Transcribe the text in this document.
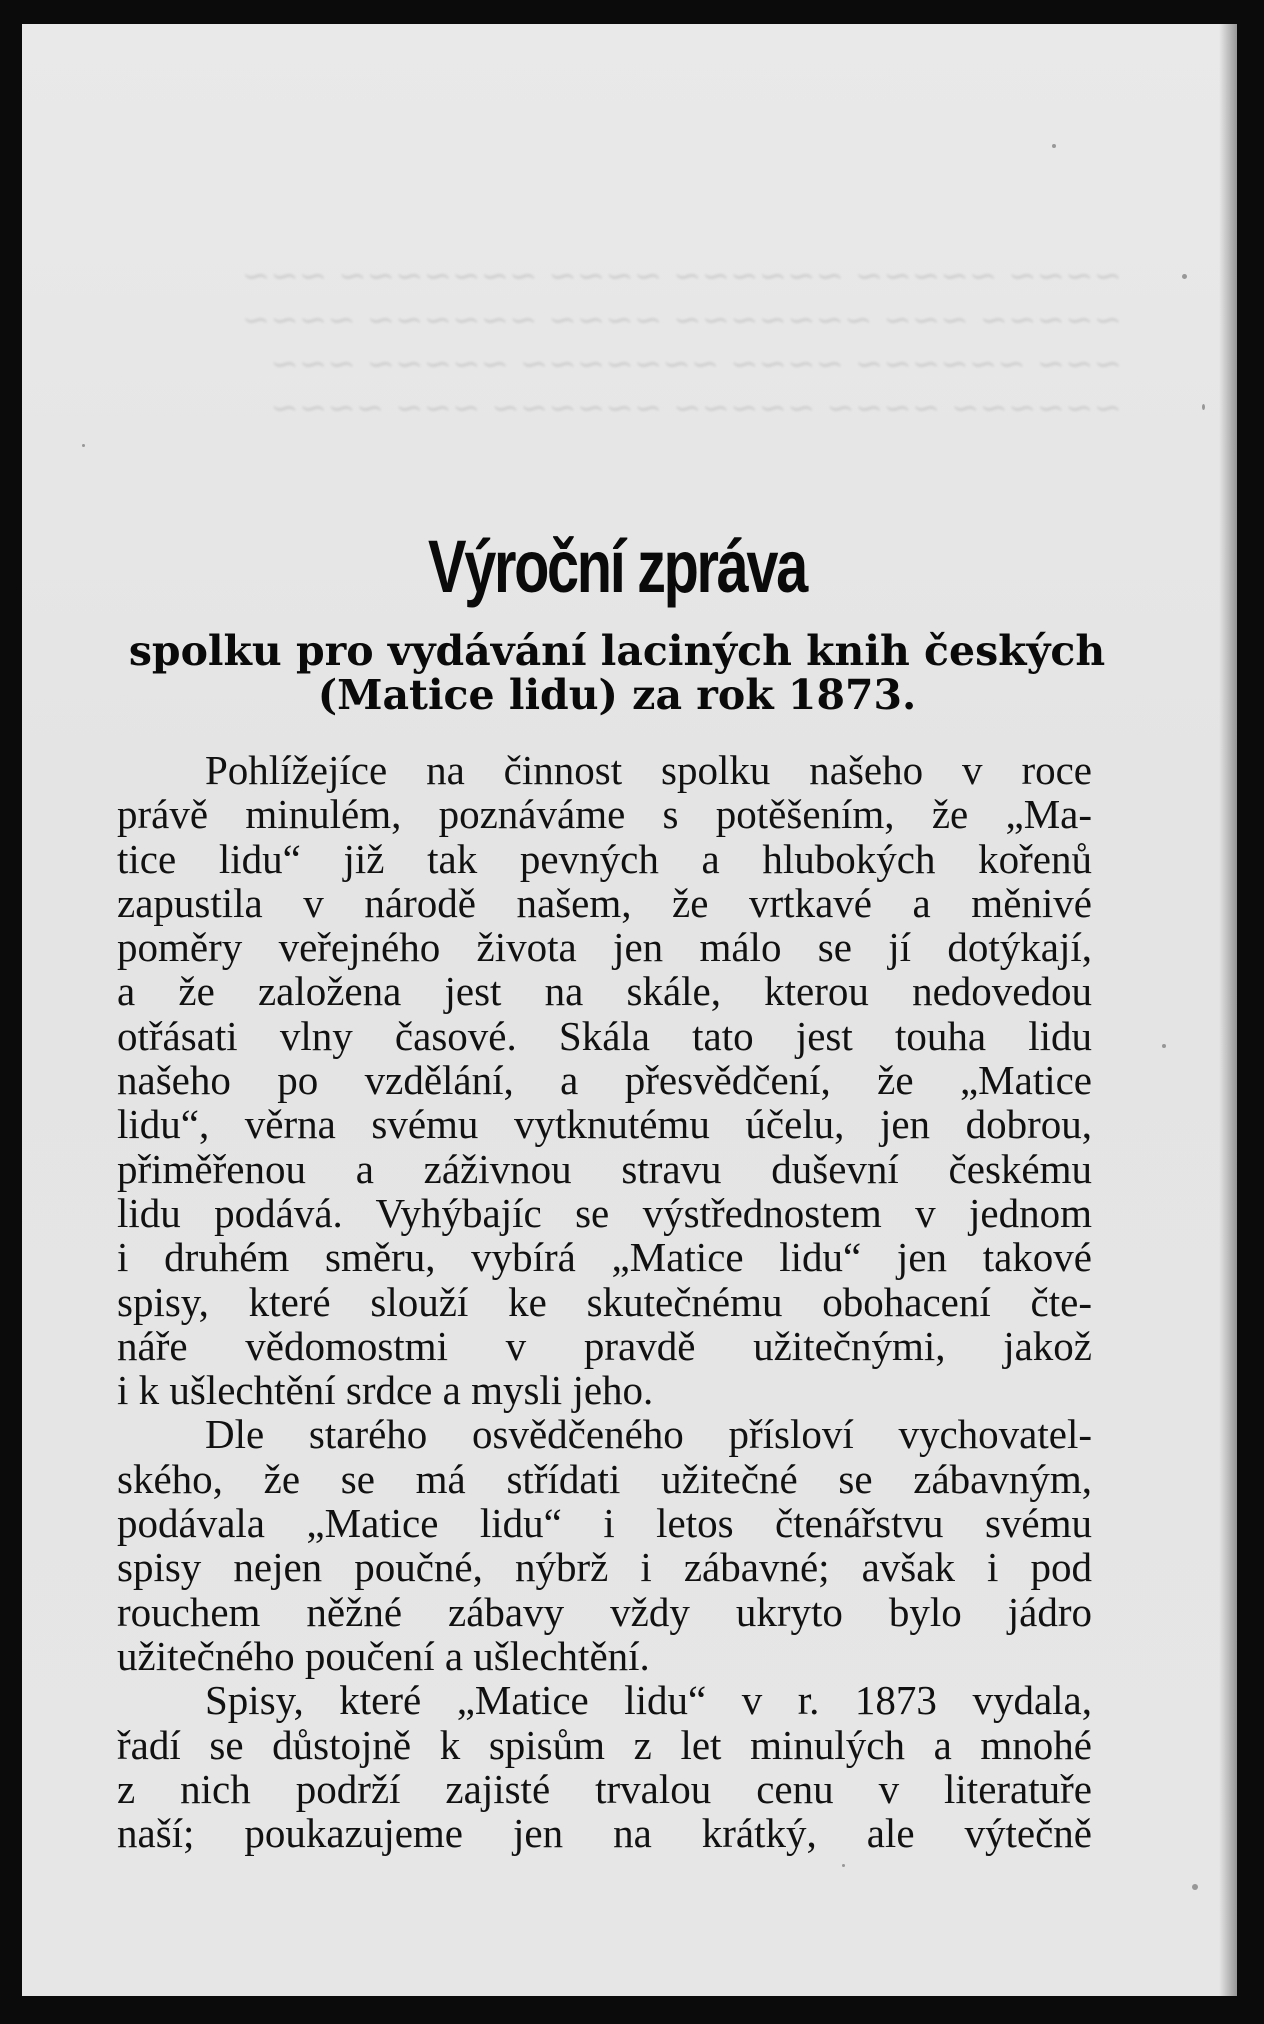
~~~~ ~~~~~ ~~~~~~ ~~~~ ~~~~~~~ ~~~
~~~~~ ~~~ ~~~~~~~ ~~~~ ~~~~~~ ~~~~
~~~ ~~~~~~ ~~~~ ~~~~~~~ ~~~~~ ~~~
~~~~~~ ~~~~ ~~~~~ ~~~~~~ ~~~ ~~~~
Výroční zpráva

spolku pro vydávání laciných knih českých

(Matice lidu) za rok 1873.

Pohlížejíce na činnost spolku našeho v roce
právě minulém, poznáváme s potěšením, že „Ma-
tice lidu“ již tak pevných a hlubokých kořenů
zapustila v národě našem, že vrtkavé a měnivé
poměry veřejného života jen málo se jí dotýkají,
a že založena jest na skále, kterou nedovedou
otřásati vlny časové. Skála tato jest touha lidu
našeho po vzdělání, a přesvědčení, že „Matice
lidu“, věrna svému vytknutému účelu, jen dobrou,
přiměřenou a záživnou stravu duševní českému
lidu podává. Vyhýbajíc se výstřednostem v jednom
i druhém směru, vybírá „Matice lidu“ jen takové
spisy, které slouží ke skutečnému obohacení čte-
náře vědomostmi v pravdě užitečnými, jakož
i k ušlechtění srdce a mysli jeho.
Dle starého osvědčeného přísloví vychovatel-
ského, že se má střídati užitečné se zábavným,
podávala „Matice lidu“ i letos čtenářstvu svému
spisy nejen poučné, nýbrž i zábavné; avšak i pod
rouchem něžné zábavy vždy ukryto bylo jádro
užitečného poučení a ušlechtění.
Spisy, které „Matice lidu“ v r. 1873 vydala,
řadí se důstojně k spisům z let minulých a mnohé
z nich podrží zajisté trvalou cenu v literatuře
naší; poukazujeme jen na krátký, ale výtečně
